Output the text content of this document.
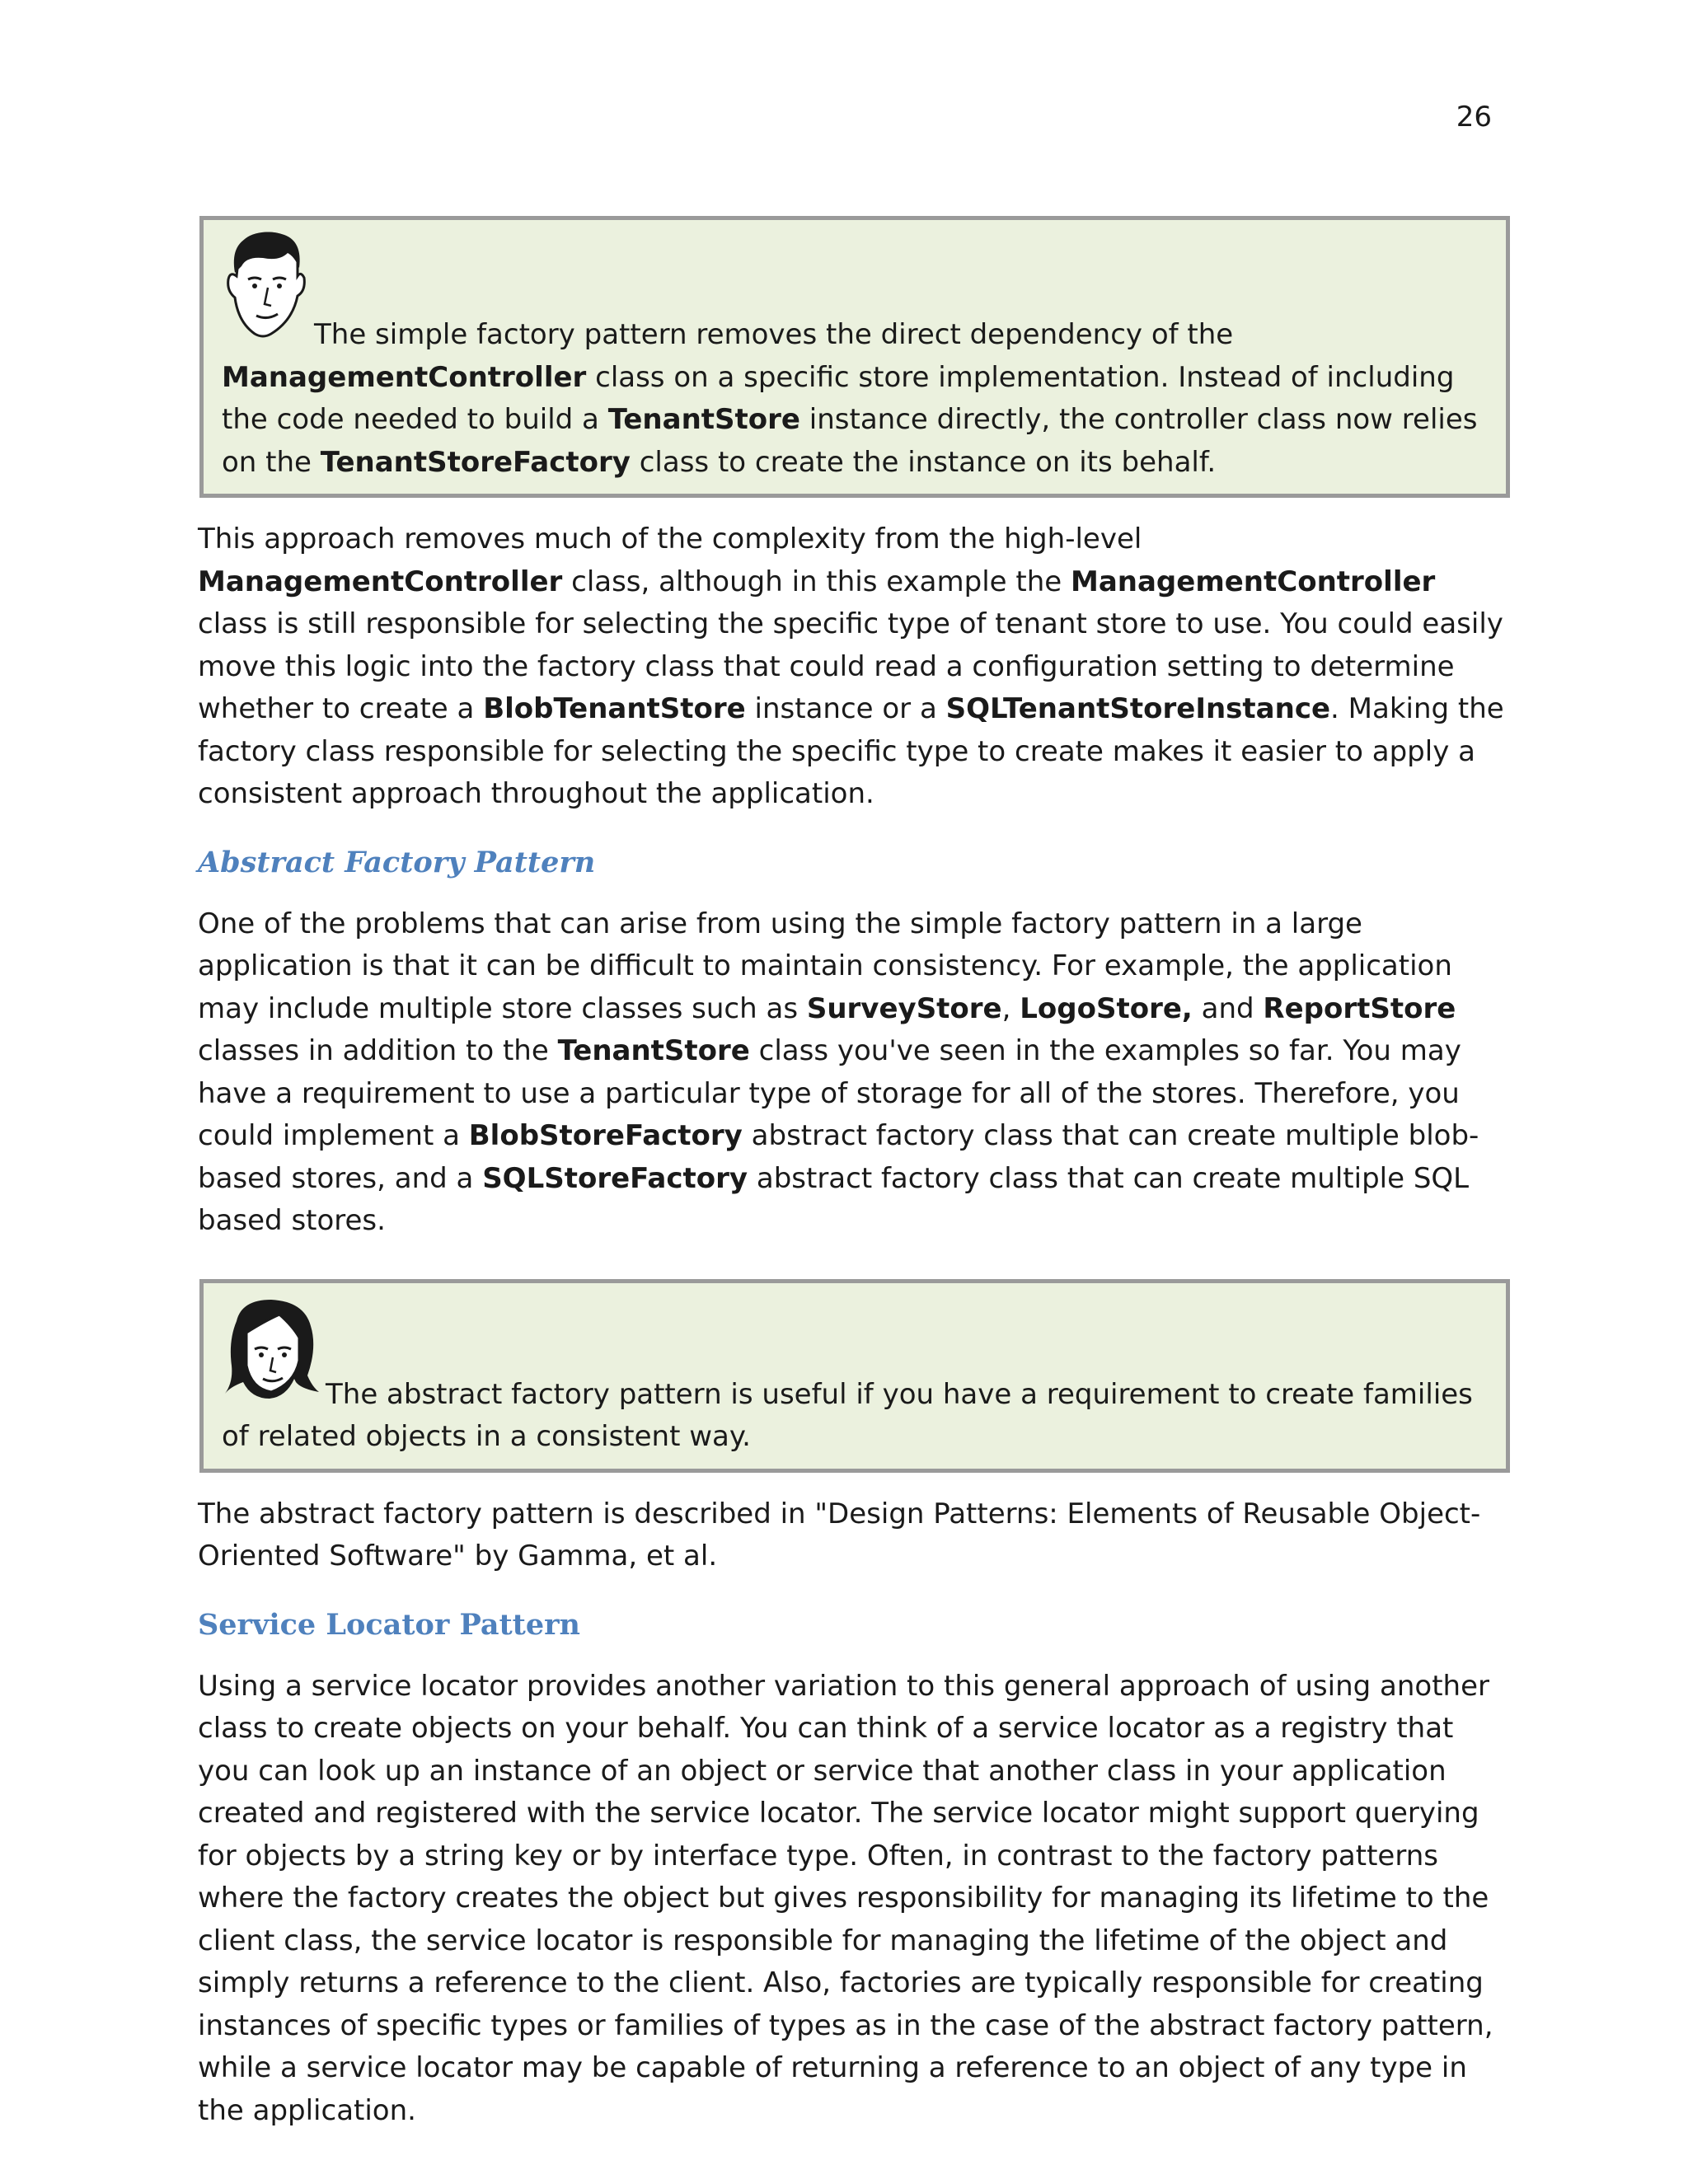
26

The simple factory pattern removes the direct dependency of the ManagementController class on a specific store implementation. Instead of including the code needed to build a TenantStore instance directly, the controller class now relies on the TenantStoreFactory class to create the instance on its behalf.

This approach removes much of the complexity from the high-level ManagementController class, although in this example the ManagementController class is still responsible for selecting the specific type of tenant store to use. You could easily move this logic into the factory class that could read a configuration setting to determine whether to create a BlobTenantStore instance or a SQLTenantStoreInstance. Making the factory class responsible for selecting the specific type to create makes it easier to apply a consistent approach throughout the application.

Abstract Factory Pattern

One of the problems that can arise from using the simple factory pattern in a large application is that it can be difficult to maintain consistency. For example, the application may include multiple store classes such as SurveyStore, LogoStore, and ReportStore classes in addition to the TenantStore class you've seen in the examples so far. You may have a requirement to use a particular type of storage for all of the stores. Therefore, you could implement a BlobStoreFactory abstract factory class that can create multiple blob-based stores, and a SQLStoreFactory abstract factory class that can create multiple SQL based stores.

The abstract factory pattern is useful if you have a requirement to create families of related objects in a consistent way.

The abstract factory pattern is described in "Design Patterns: Elements of Reusable Object-Oriented Software" by Gamma, et al.

Service Locator Pattern

Using a service locator provides another variation to this general approach of using another class to create objects on your behalf. You can think of a service locator as a registry that you can look up an instance of an object or service that another class in your application created and registered with the service locator. The service locator might support querying for objects by a string key or by interface type. Often, in contrast to the factory patterns where the factory creates the object but gives responsibility for managing its lifetime to the client class, the service locator is responsible for managing the lifetime of the object and simply returns a reference to the client. Also, factories are typically responsible for creating instances of specific types or families of types as in the case of the abstract factory pattern, while a service locator may be capable of returning a reference to an object of any type in the application.
